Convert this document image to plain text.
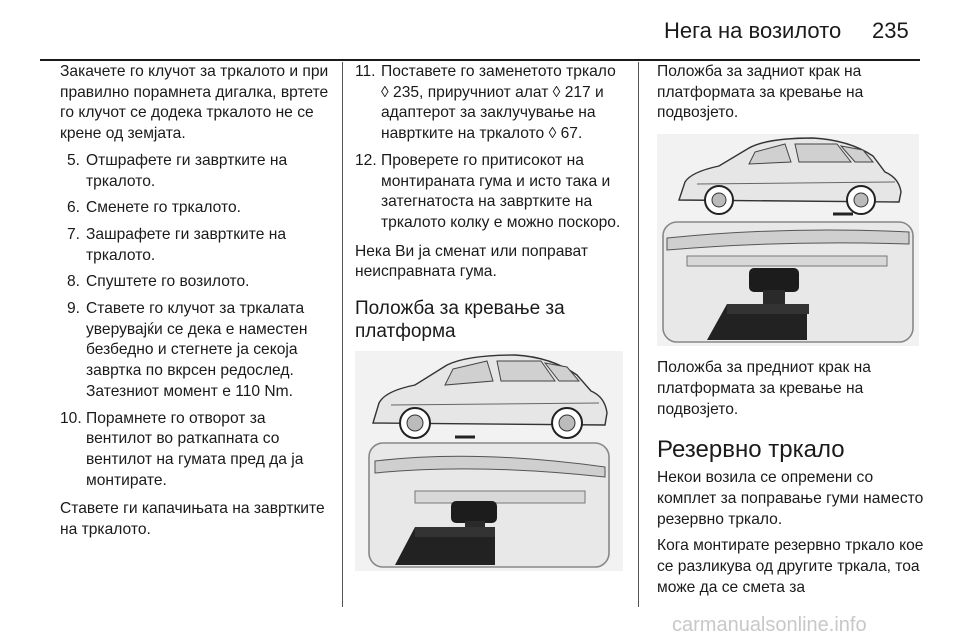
Нега на возилото 235

Закачете го клучот за тркалото и при правилно порамнета дигалка, вртете го клучот се додека тркалото не се крене од земјата.

5. Отшрафете ги завртките на тркалото.
6. Сменете го тркалото.
7. Зашрафете ги завртките на тркалото.
8. Спуштете го возилото.
9. Ставете го клучот за тркалата уверувајќи се дека е наместен безбедно и стегнете ја секоја завртка по вкрсен редослед. Затезниот момент е 110 Nm.
10. Порамнете го отворот за вентилот во раткапната со вентилот на гумата пред да ја монтирате.

Ставете ги капачињата на завртките на тркалото.

11. Поставете го заменетото тркало ◊ 235, приручниот алат ◊ 217 и адаптерот за заклучување на наврткитe на тркалото ◊ 67.
12. Проверете го притисокот на монтираната гума и исто така и затегнатоста на завртките на тркалото колку е можно поскоро.

Нека Ви ја сменат или поправат неисправната гума.

Положба за кревање за платформа

Положба за задниот крак на платформата за кревање на подвозјето.

Положба за предниот крак на платформата за кревање на подвозјето.

Резервно тркало

Некои возила се опремени со комплет за поправање гуми наместо резервно тркало.

Кога монтирате резервно тркало кое се разликува од другите тркала, тоа може да се смета за

carmanualsonline.info
